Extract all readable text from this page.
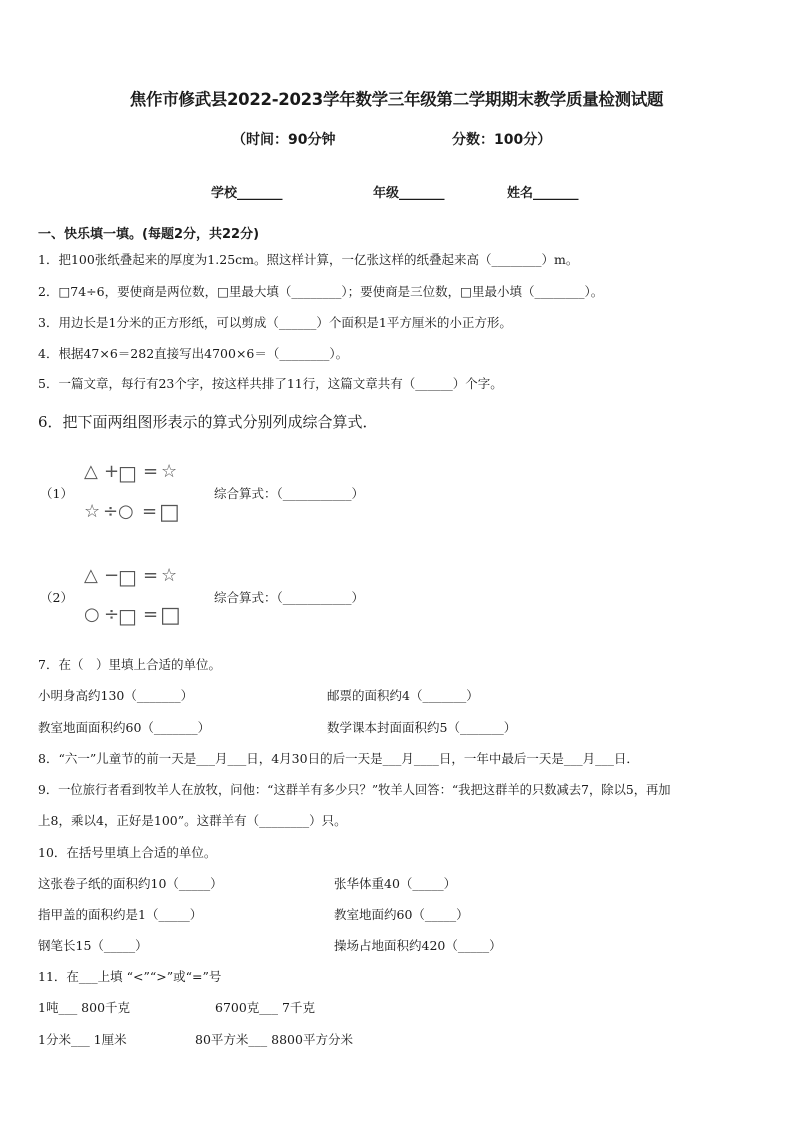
焦作市修武县2022-2023学年数学三年级第二学期期末教学质量检测试题
（时间：90分钟	分数：100分）
学校_______	年级_______	姓名_______
一、快乐填一填。(每题2分，共22分)
1．把100张纸叠起来的厚度为1.25cm。照这样计算，一亿张这样的纸叠起来高（________）m。
2．□74÷6，要使商是两位数，□里最大填（________）；要使商是三位数，□里最小填（________）。
3．用边长是1分米的正方形纸，可以剪成（______）个面积是1平方厘米的小正方形。
4．根据47×6＝282直接写出4700×6＝（________）。
5．一篇文章，每行有23个字，按这样共排了11行，这篇文章共有（______）个字。
6．把下面两组图形表示的算式分别列成综合算式．
（1）
△ +
□ = ☆
☆ ÷ ○ = □
综合算式：（___________）
（2）
△ −
□ = ☆
○ ÷
□ = □
综合算式：（___________）
7．在（　）里填上合适的单位。
小明身高约130（_______）	邮票的面积约4（_______）
教室地面面积约60（_______）	数学课本封面面积约5（_______）
8．“六一”儿童节的前一天是___月___日，4月30日的后一天是___月____日，一年中最后一天是___月___日．
9．一位旅行者看到牧羊人在放牧，问他：“这群羊有多少只？”牧羊人回答：“我把这群羊的只数减去7，除以5，再加
上8，乘以4，正好是100”。这群羊有（________）只。
10．在括号里填上合适的单位。
这张卷子纸的面积约10（_____）	张华体重40（_____）
指甲盖的面积约是1（_____）	教室地面约60（_____）
钢笔长15（_____）	操场占地面积约420（_____）
11．在___上填 “<”“>”或“=”号
1吨___ 800千克	6700克___ 7千克
1分米___ 1厘米	80平方米___ 8800平方分米
